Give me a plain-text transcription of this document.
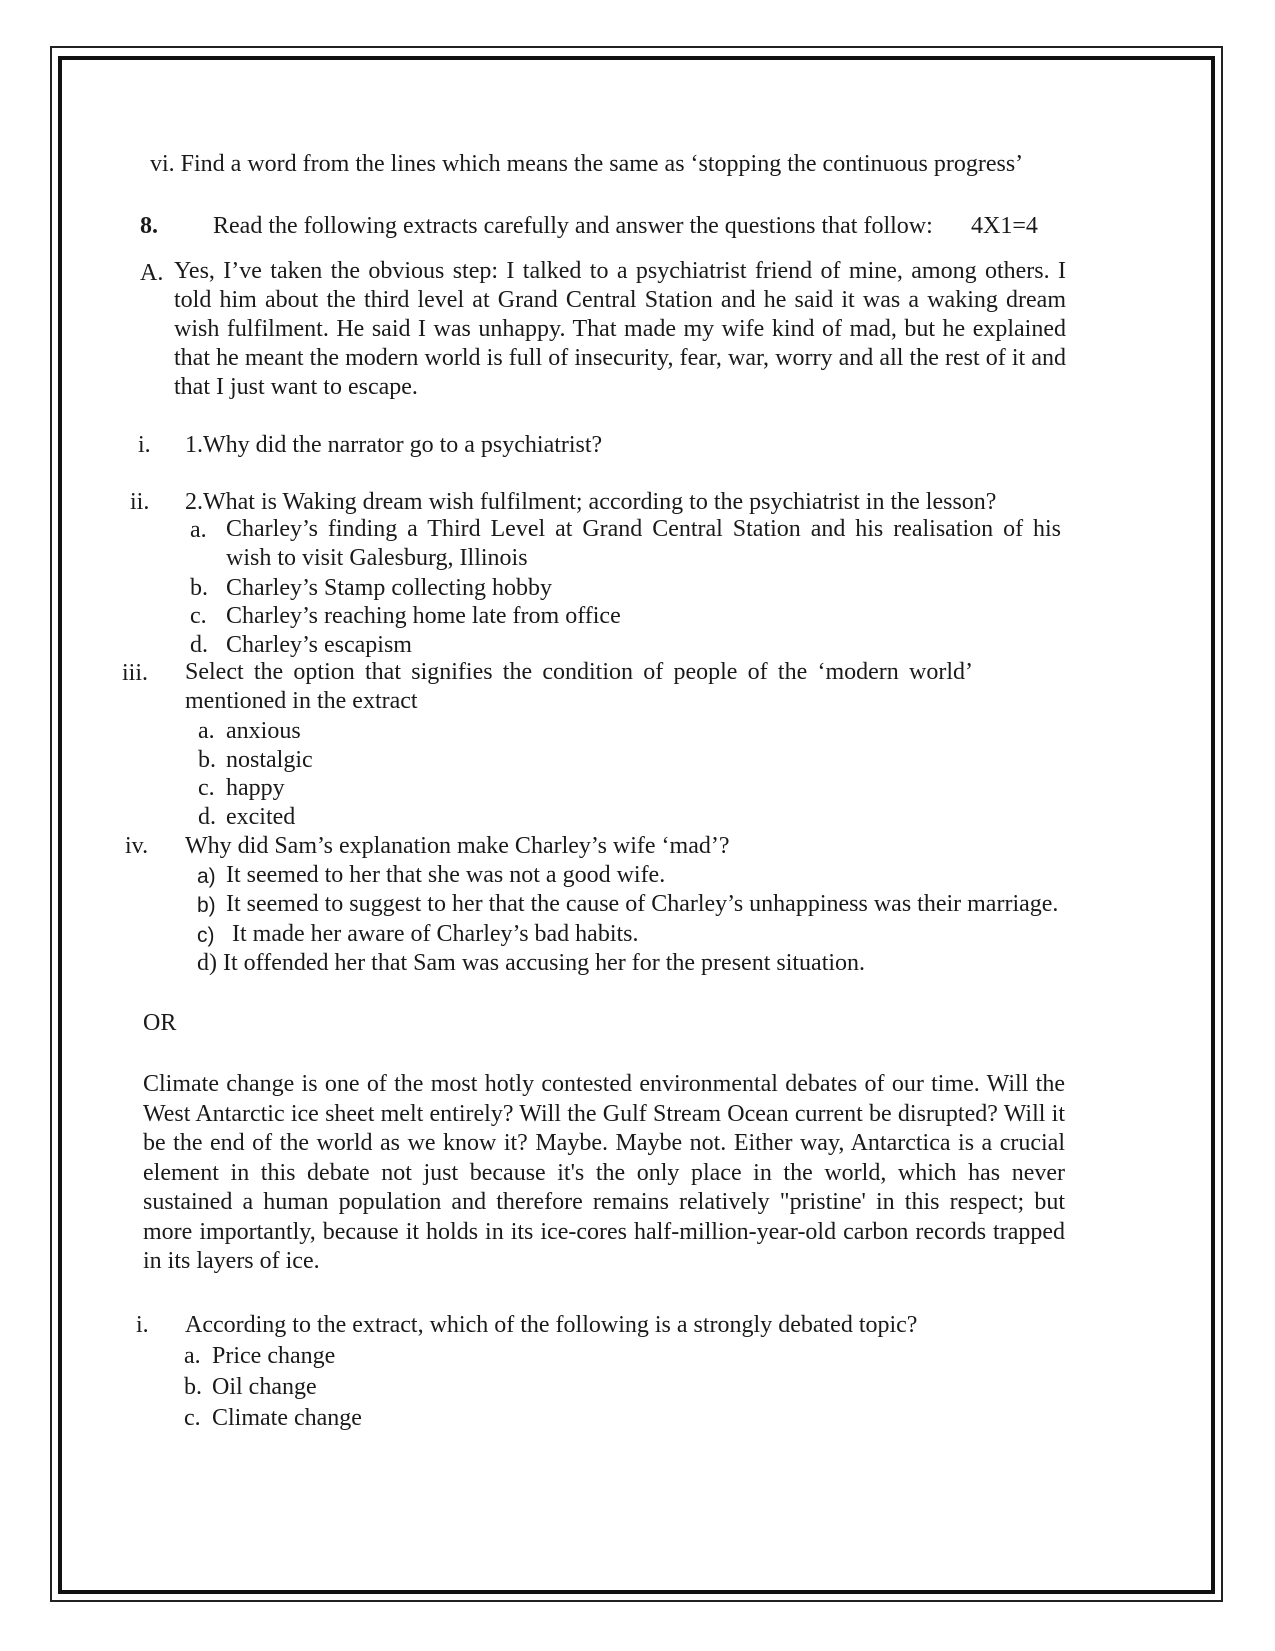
vi. Find a word from the lines which means the same as ‘stopping the continuous progress’
8. Read the following extracts carefully and answer the questions that follow: 4X1=4
A. Yes, I’ve taken the obvious step: I talked to a psychiatrist friend of mine, among others. I told him about the third level at Grand Central Station and he said it was a waking dream wish fulfilment. He said I was unhappy. That made my wife kind of mad, but he explained that he meant the modern world is full of insecurity, fear, war, worry and all the rest of it and that I just want to escape.
i. 1.Why did the narrator go to a psychiatrist?
ii. 2.What is Waking dream wish fulfilment; according to the psychiatrist in the lesson?
a. Charley’s finding a Third Level at Grand Central Station and his realisation of his wish to visit Galesburg, Illinois
b. Charley’s Stamp collecting hobby
c. Charley’s reaching home late from office
d. Charley’s escapism
iii. Select the option that signifies the condition of people of the ‘modern world’ mentioned in the extract
a. anxious
b. nostalgic
c. happy
d. excited
iv. Why did Sam’s explanation make Charley’s wife ‘mad’?
a) It seemed to her that she was not a good wife.
b) It seemed to suggest to her that the cause of Charley’s unhappiness was their marriage.
c) It made her aware of Charley’s bad habits.
d) It offended her that Sam was accusing her for the present situation.
OR
Climate change is one of the most hotly contested environmental debates of our time. Will the West Antarctic ice sheet melt entirely? Will the Gulf Stream Ocean current be disrupted? Will it be the end of the world as we know it? Maybe. Maybe not. Either way, Antarctica is a crucial element in this debate not just because it's the only place in the world, which has never sustained a human population and therefore remains relatively "pristine' in this respect; but more importantly, because it holds in its ice-cores half-million-year-old carbon records trapped in its layers of ice.
i. According to the extract, which of the following is a strongly debated topic?
a. Price change
b. Oil change
c. Climate change
